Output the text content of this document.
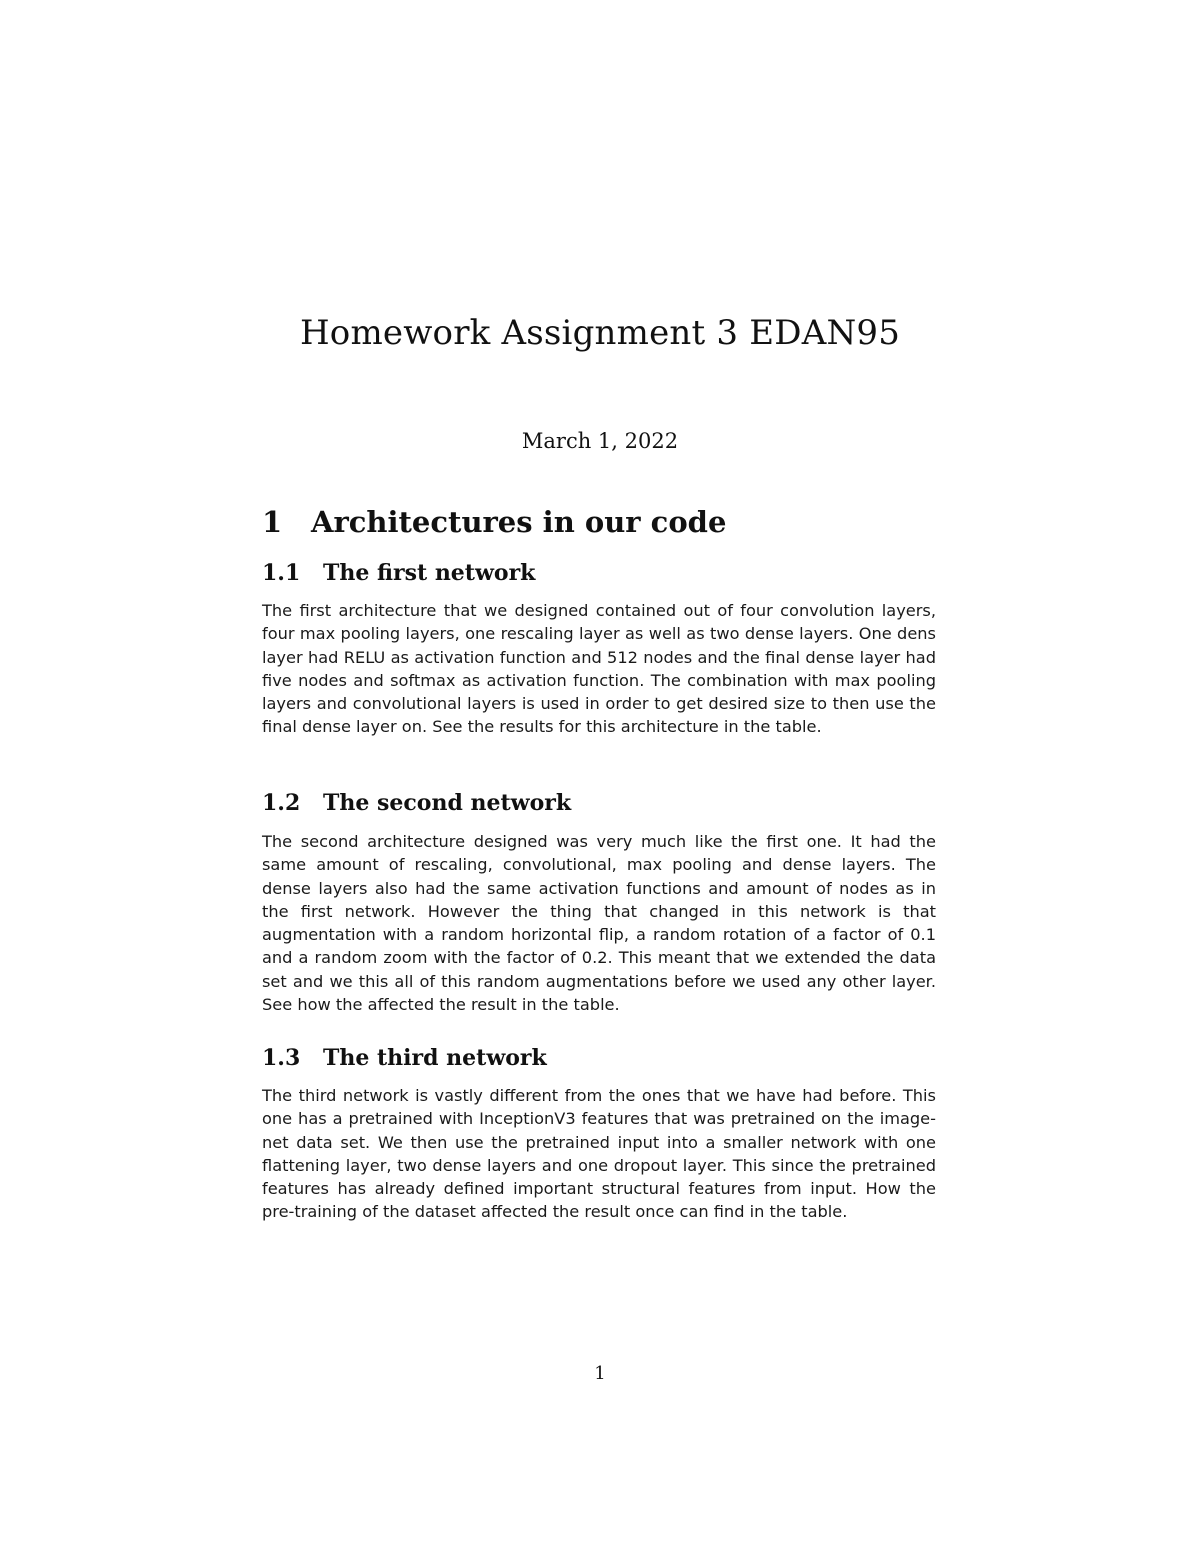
Homework Assignment 3 EDAN95

March 1, 2022

1 Architectures in our code
1.1 The first network

The first architecture that we designed contained out of four convolution layers, four max pooling layers, one rescaling layer as well as two dense layers. One dens layer had RELU as activation function and 512 nodes and the final dense layer had five nodes and softmax as activation function. The combination with max pooling layers and convolutional layers is used in order to get desired size to then use the final dense layer on. See the results for this architecture in the table.

1.2 The second network

The second architecture designed was very much like the first one. It had the same amount of rescaling, convolutional, max pooling and dense layers. The dense layers also had the same activation functions and amount of nodes as in the first network. However the thing that changed in this network is that augmentation with a random horizontal flip, a random rotation of a factor of 0.1 and a random zoom with the factor of 0.2. This meant that we extended the data set and we this all of this random augmentations before we used any other layer. See how the affected the result in the table.

1.3 The third network

The third network is vastly different from the ones that we have had before. This one has a pretrained with InceptionV3 features that was pretrained on the image-net data set. We then use the pretrained input into a smaller network with one flattening layer, two dense layers and one dropout layer. This since the pretrained features has already defined important structural features from input. How the pre-training of the dataset affected the result once can find in the table.

1
